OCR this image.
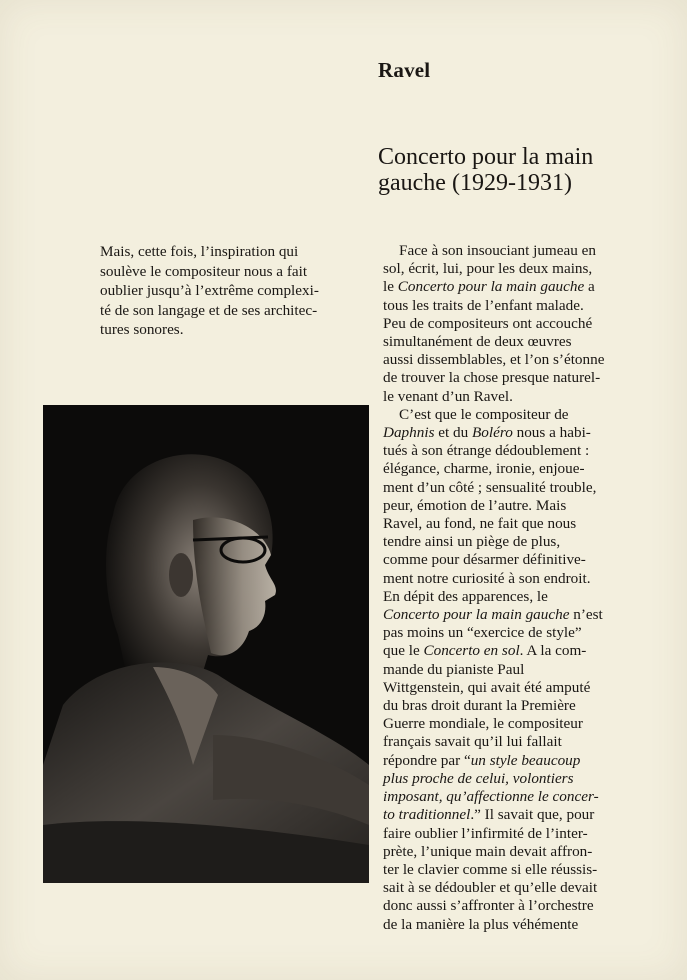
Ravel
Concerto pour la main
gauche (1929-1931)
Mais, cette fois, l’inspiration qui
soulève le compositeur nous a fait
oublier jusqu’à l’extrême complexi-
té de son langage et de ses architec-
tures sonores.
Face à son insouciant jumeau en
sol, écrit, lui, pour les deux mains,
le Concerto pour la main gauche a
tous les traits de l’enfant malade.
Peu de compositeurs ont accouché
simultanément de deux œuvres
aussi dissemblables, et l’on s’étonne
de trouver la chose presque naturel-
le venant d’un Ravel.
C’est que le compositeur de
Daphnis et du Boléro nous a habi-
tués à son étrange dédoublement :
élégance, charme, ironie, enjoue-
ment d’un côté ; sensualité trouble,
peur, émotion de l’autre. Mais
Ravel, au fond, ne fait que nous
tendre ainsi un piège de plus,
comme pour désarmer définitive-
ment notre curiosité à son endroit.
En dépit des apparences, le
Concerto pour la main gauche n’est
pas moins un “exercice de style”
que le Concerto en sol. A la com-
mande du pianiste Paul
Wittgenstein, qui avait été amputé
du bras droit durant la Première
Guerre mondiale, le compositeur
français savait qu’il lui fallait
répondre par “un style beaucoup
plus proche de celui, volontiers
imposant, qu’affectionne le concer-
to traditionnel.” Il savait que, pour
faire oublier l’infirmité de l’inter-
prète, l’unique main devait affron-
ter le clavier comme si elle réussis-
sait à se dédoubler et qu’elle devait
donc aussi s’affronter à l’orchestre
de la manière la plus véhémente
